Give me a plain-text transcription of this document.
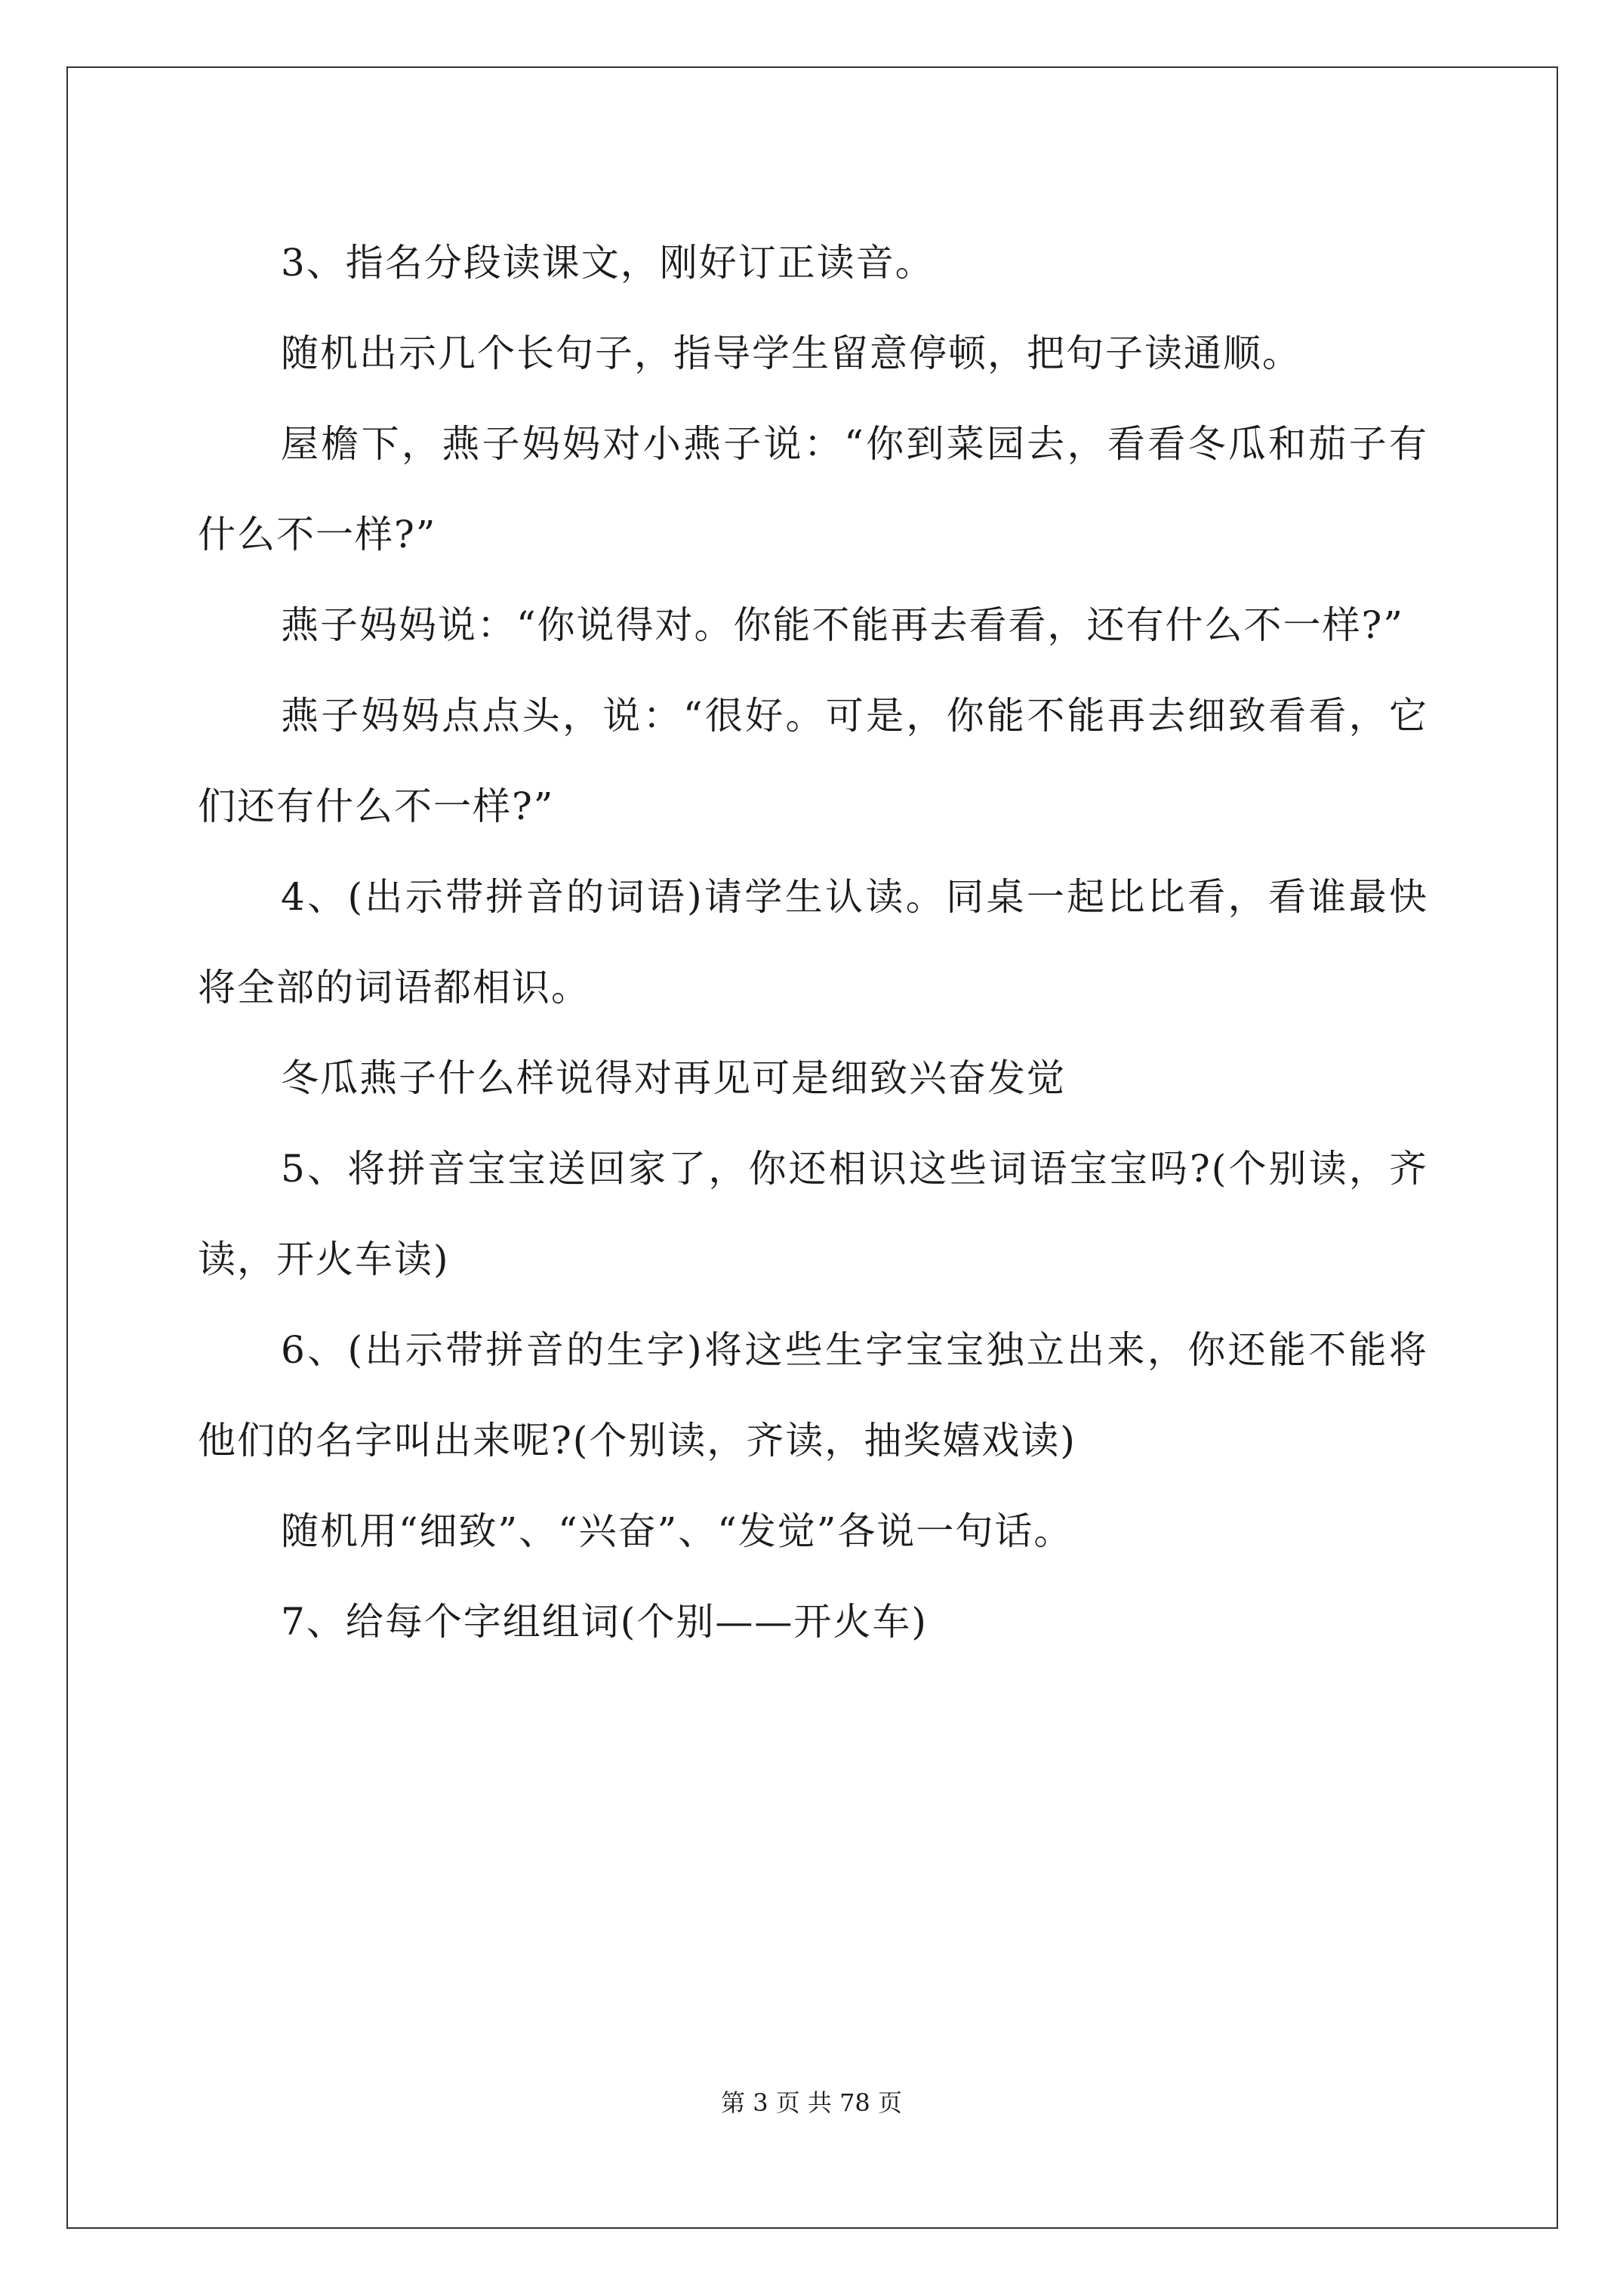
3、指名分段读课文，刚好订正读音。

随机出示几个长句子，指导学生留意停顿，把句子读通顺。

屋檐下，燕子妈妈对小燕子说：“你到菜园去，看看冬瓜和茄子有什么不一样?”

燕子妈妈说：“你说得对。你能不能再去看看，还有什么不一样?”

燕子妈妈点点头，说：“很好。可是，你能不能再去细致看看，它们还有什么不一样?”

4、(出示带拼音的词语)请学生认读。同桌一起比比看，看谁最快将全部的词语都相识。

冬瓜燕子什么样说得对再见可是细致兴奋发觉

5、将拼音宝宝送回家了，你还相识这些词语宝宝吗?(个别读，齐读，开火车读)

6、(出示带拼音的生字)将这些生字宝宝独立出来，你还能不能将他们的名字叫出来呢?(个别读，齐读，抽奖嬉戏读)

随机用“细致”、“兴奋”、“发觉”各说一句话。

7、给每个字组组词(个别——开火车)

第 3 页 共 78 页
